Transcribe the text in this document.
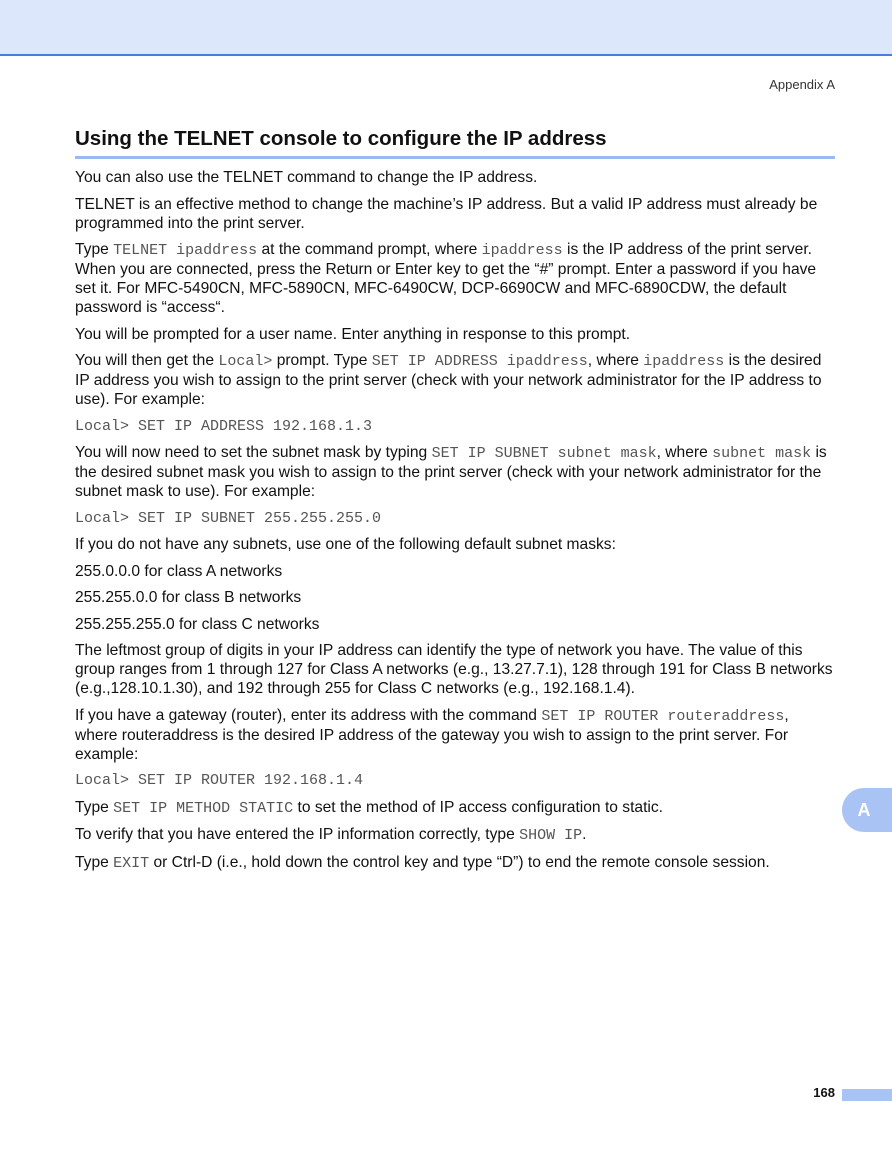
Appendix A
Using the TELNET console to configure the IP address

You can also use the TELNET command to change the IP address.

TELNET is an effective method to change the machine’s IP address. But a valid IP address must already be programmed into the print server.

Type TELNET ipaddress at the command prompt, where ipaddress is the IP address of the print server. When you are connected, press the Return or Enter key to get the “#” prompt. Enter a password if you have set it. For MFC-5490CN, MFC-5890CN, MFC-6490CW, DCP-6690CW and MFC-6890CDW, the default password is “access“.

You will be prompted for a user name. Enter anything in response to this prompt.

You will then get the Local> prompt. Type SET IP ADDRESS ipaddress, where ipaddress is the desired IP address you wish to assign to the print server (check with your network administrator for the IP address to use). For example:

Local> SET IP ADDRESS 192.168.1.3

You will now need to set the subnet mask by typing SET IP SUBNET subnet mask, where subnet mask is the desired subnet mask you wish to assign to the print server (check with your network administrator for the subnet mask to use). For example:

Local> SET IP SUBNET 255.255.255.0

If you do not have any subnets, use one of the following default subnet masks:

255.0.0.0 for class A networks

255.255.0.0 for class B networks

255.255.255.0 for class C networks

The leftmost group of digits in your IP address can identify the type of network you have. The value of this group ranges from 1 through 127 for Class A networks (e.g., 13.27.7.1), 128 through 191 for Class B networks (e.g.,128.10.1.30), and 192 through 255 for Class C networks (e.g., 192.168.1.4).

If you have a gateway (router), enter its address with the command SET IP ROUTER routeraddress, where routeraddress is the desired IP address of the gateway you wish to assign to the print server. For example:

Local> SET IP ROUTER 192.168.1.4

Type SET IP METHOD STATIC to set the method of IP access configuration to static.

To verify that you have entered the IP information correctly, type SHOW IP.

Type EXIT or Ctrl-D (i.e., hold down the control key and type “D”) to end the remote console session.

A
168
